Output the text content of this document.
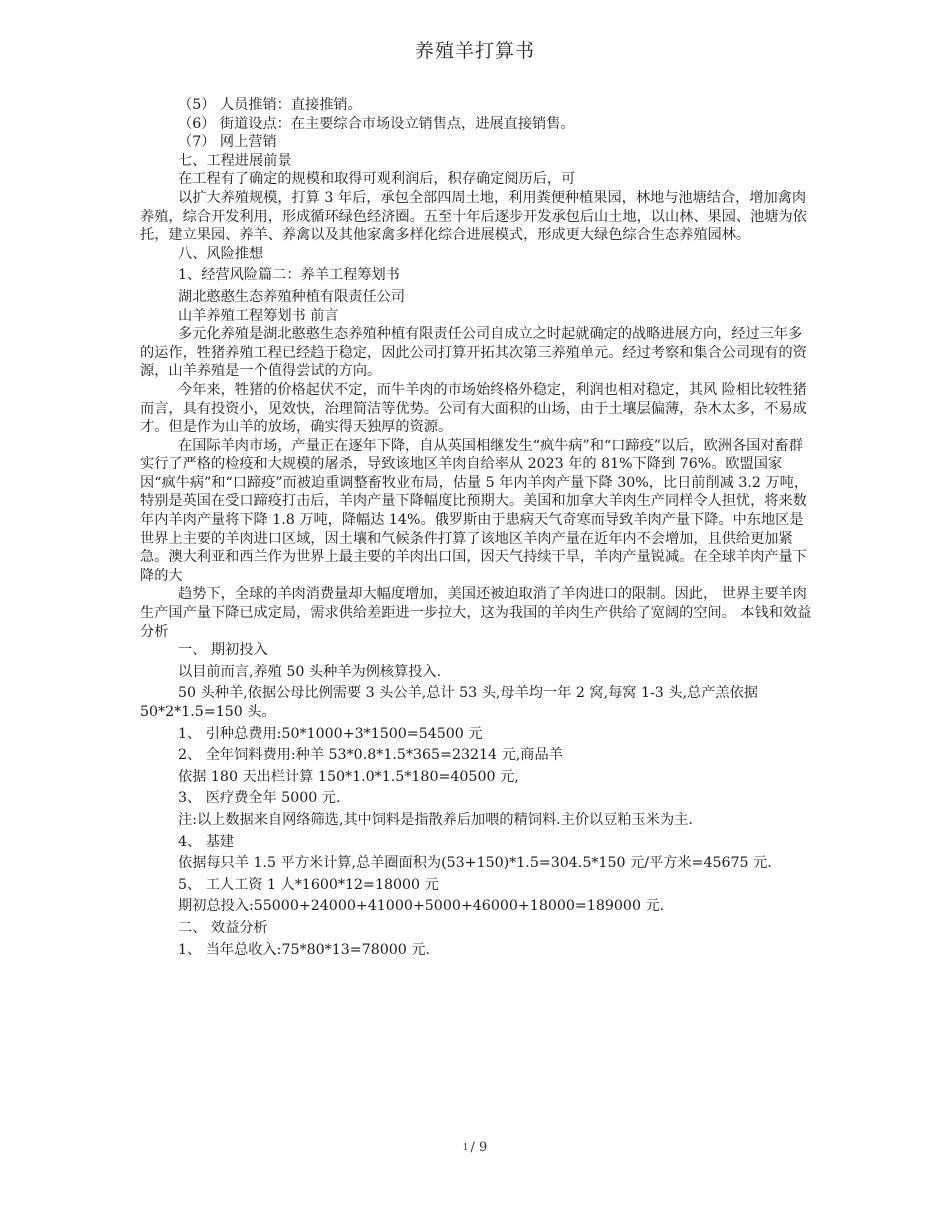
养殖羊打算书

（5） 人员推销：直接推销。

（6） 街道设点：在主要综合市场设立销售点，进展直接销售。

（7） 网上营销

七、工程进展前景

在工程有了确定的规模和取得可观利润后，积存确定阅历后，可

以扩大养殖规模，打算 3 年后，承包全部四周土地，利用粪便种植果园，林地与池塘结合，增加禽肉养殖，综合开发利用，形成循环绿色经济圈。五至十年后逐步开发承包后山土地，以山林、果园、池塘为依托，建立果园、养羊、养禽以及其他家禽多样化综合进展模式，形成更大绿色综合生态养殖园林。

八、风险推想

1、经营风险篇二：养羊工程筹划书

湖北憨憨生态养殖种植有限责任公司

山羊养殖工程筹划书 前言

多元化养殖是湖北憨憨生态养殖种植有限责任公司自成立之时起就确定的战略进展方向，经过三年多的运作，牲猪养殖工程已经趋于稳定，因此公司打算开拓其次第三养殖单元。经过考察和集合公司现有的资源，山羊养殖是一个值得尝试的方向。

今年来，牲猪的价格起伏不定，而牛羊肉的市场始终格外稳定，利润也相对稳定，其风 险相比较牲猪而言，具有投资小，见效快，治理简洁等优势。公司有大面积的山场，由于土壤层偏薄，杂木太多，不易成才。但是作为山羊的放场，确实得天独厚的资源。

在国际羊肉市场，产量正在逐年下降，自从英国相继发生“疯牛病”和“口蹄疫”以后，欧洲各国对畜群实行了严格的检疫和大规模的屠杀，导致该地区羊肉自给率从 2023 年的 81%下降到 76%。欧盟国家因“疯牛病”和“口蹄疫”而被迫重调整畜牧业布局，估量 5 年内羊肉产量下降 30%，比日前削减 3.2 万吨，特别是英国在受口蹄疫打击后，羊肉产量下降幅度比预期大。美国和加拿大羊肉生产同样令人担忧，将来数年内羊肉产量将下降 1.8 万吨，降幅达 14%。俄罗斯由于患病天气奇寒而导致羊肉产量下降。中东地区是世界上主要的羊肉进口区域，因土壤和气候条件打算了该地区羊肉产量在近年内不会增加，且供给更加紧急。澳大利亚和西兰作为世界上最主要的羊肉出口国，因天气持续干旱，羊肉产量锐减。在全球羊肉产量下降的大

趋势下，全球的羊肉消费量却大幅度增加，美国还被迫取消了羊肉进口的限制。因此， 世界主要羊肉生产国产量下降已成定局，需求供给差距进一步拉大，这为我国的羊肉生产供给了宽阔的空间。 本钱和效益分析

一、 期初投入

以目前而言,养殖 50 头种羊为例核算投入.

50 头种羊,依据公母比例需要 3 头公羊,总计 53 头,母羊均一年 2 窝,每窝 1-3 头,总产羔依据 50*2*1.5=150 头。

1、 引种总费用:50*1000+3*1500=54500 元

2、 全年饲料费用:种羊 53*0.8*1.5*365=23214 元,商品羊

依据 180 天出栏计算 150*1.0*1.5*180=40500 元,

3、 医疗费全年 5000 元.

注:以上数据来自网络筛选,其中饲料是指散养后加喂的精饲料.主价以豆粕玉米为主.

4、 基建

依据每只羊 1.5 平方米计算,总羊圈面积为(53+150)*1.5=304.5*150 元/平方米=45675 元.

5、 工人工资 1 人*1600*12=18000 元

期初总投入:55000+24000+41000+5000+46000+18000=189000 元.

二、 效益分析

1、 当年总收入:75*80*13=78000 元.

1 / 9
